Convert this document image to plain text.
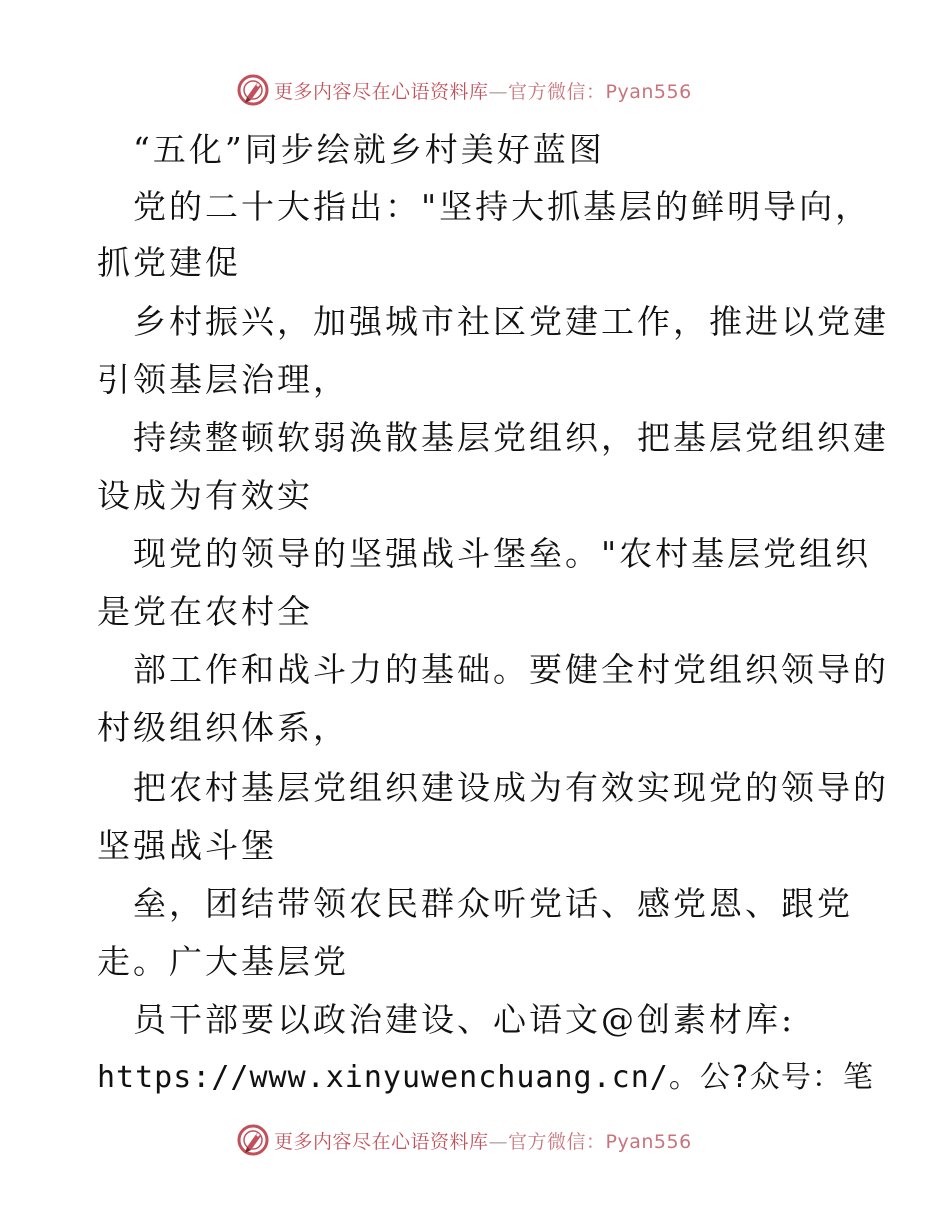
更多内容尽在心语资料库—官方微信：Pyan556
“五化”同步绘就乡村美好蓝图
党的二十大指出："坚持大抓基层的鲜明导向，
抓党建促
乡村振兴，加强城市社区党建工作，推进以党建
引领基层治理，
持续整顿软弱涣散基层党组织，把基层党组织建
设成为有效实
现党的领导的坚强战斗堡垒。"农村基层党组织
是党在农村全
部工作和战斗力的基础。要健全村党组织领导的
村级组织体系，
把农村基层党组织建设成为有效实现党的领导的
坚强战斗堡
垒，团结带领农民群众听党话、感党恩、跟党
走。广大基层党
员干部要以政治建设、心语文@创素材库:
https://www.xinyuwenchuang.cn/。公?众号：笔
更多内容尽在心语资料库—官方微信：Pyan556
